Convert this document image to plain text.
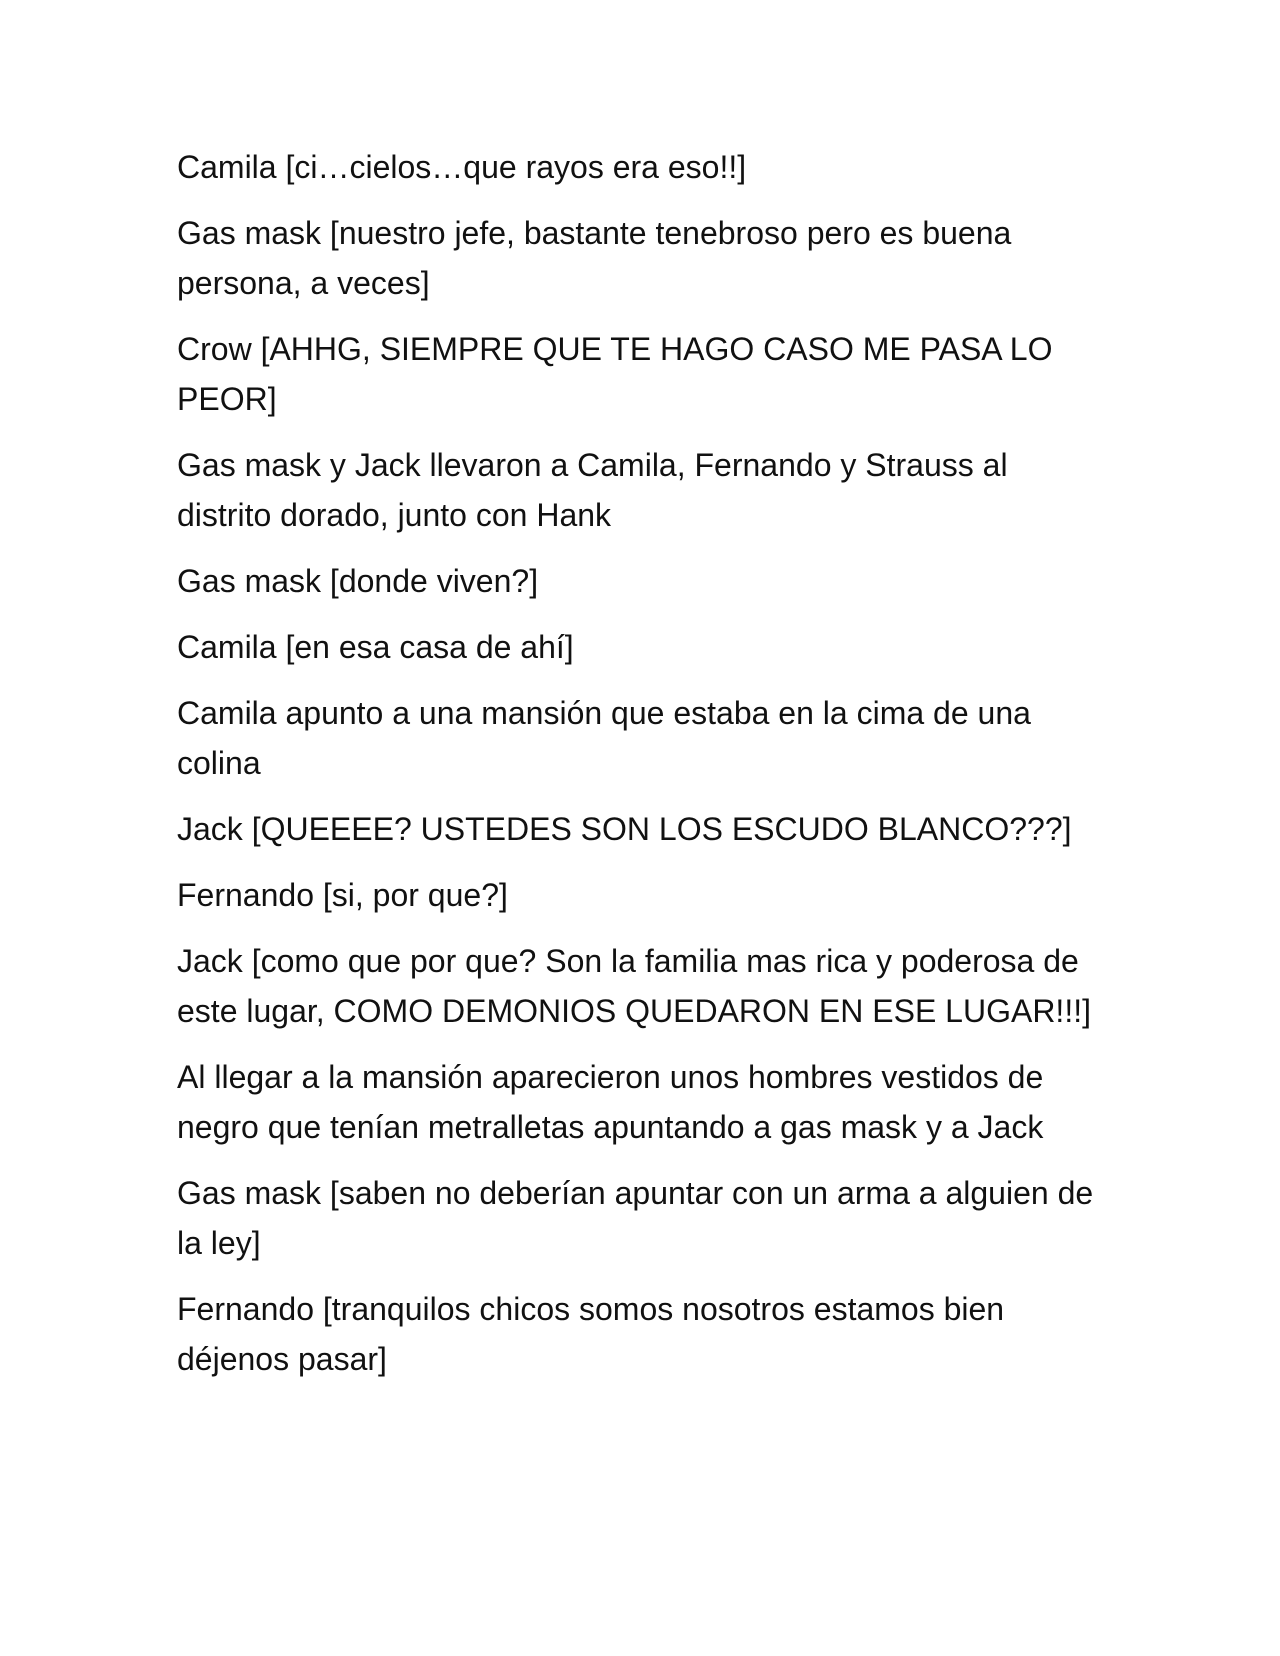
Camila [ci…cielos…que rayos era eso!!]

Gas mask [nuestro jefe, bastante tenebroso pero es buena persona, a veces]

Crow [AHHG, SIEMPRE QUE TE HAGO CASO ME PASA LO PEOR]

Gas mask y Jack llevaron a Camila, Fernando y Strauss al distrito dorado, junto con Hank

Gas mask [donde viven?]

Camila [en esa casa de ahí]

Camila apunto a una mansión que estaba en la cima de una colina

Jack [QUEEEE? USTEDES SON LOS ESCUDO BLANCO???]

Fernando [si, por que?]

Jack [como que por que? Son la familia mas rica y poderosa de este lugar, COMO DEMONIOS QUEDARON EN ESE LUGAR!!!]

Al llegar a la mansión aparecieron unos hombres vestidos de negro que tenían metralletas apuntando a gas mask y a Jack

Gas mask [saben no deberían apuntar con un arma a alguien de la ley]

Fernando [tranquilos chicos somos nosotros estamos bien déjenos pasar]
